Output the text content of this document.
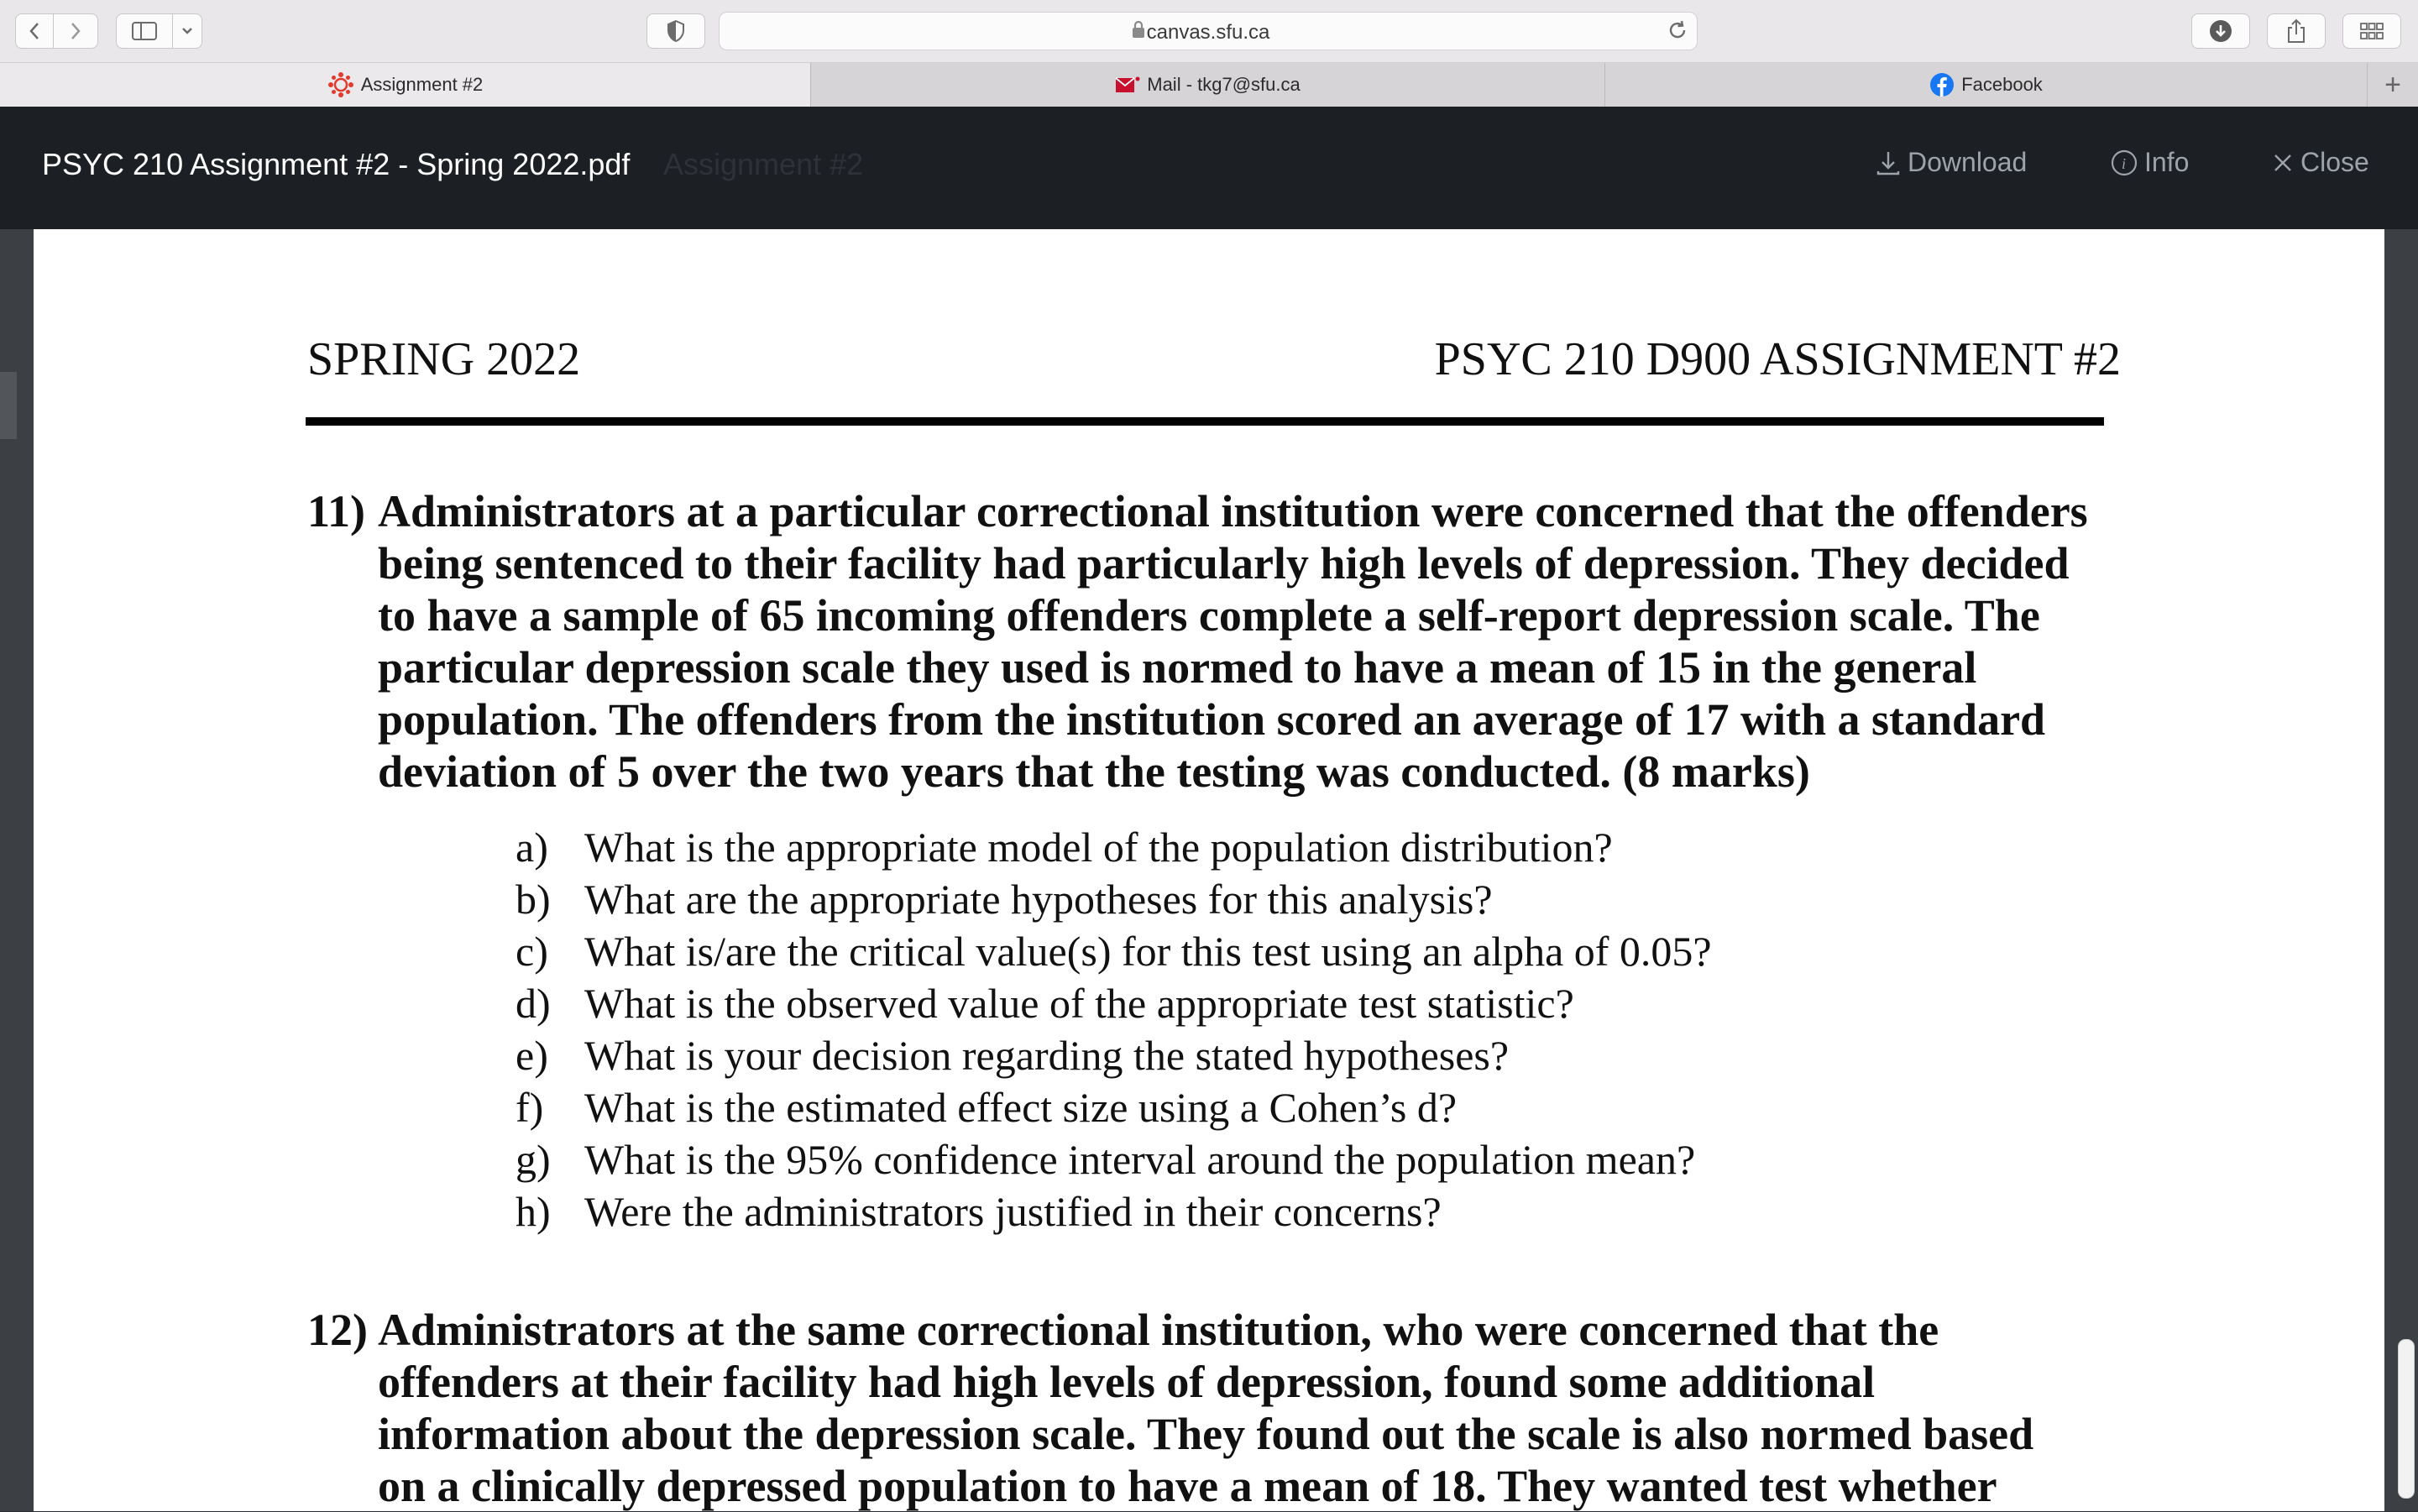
canvas.sfu.ca
Assignment #2	Mail - tkg7@sfu.ca	Facebook	+
PSYC 210 Assignment #2 - Spring 2022.pdf Assignment #2	Download	i Info	Close
SPRING 2022	PSYC 210 D900 ASSIGNMENT #2
11) Administrators at a particular correctional institution were concerned that the offenders
being sentenced to their facility had particularly high levels of depression. They decided
to have a sample of 65 incoming offenders complete a self-report depression scale. The
particular depression scale they used is normed to have a mean of 15 in the general
population. The offenders from the institution scored an average of 17 with a standard
deviation of 5 over the two years that the testing was conducted. (8 marks)
a) What is the appropriate model of the population distribution?
b) What are the appropriate hypotheses for this analysis?
c) What is/are the critical value(s) for this test using an alpha of 0.05?
d) What is the observed value of the appropriate test statistic?
e) What is your decision regarding the stated hypotheses?
f) What is the estimated effect size using a Cohen’s d?
g) What is the 95% confidence interval around the population mean?
h) Were the administrators justified in their concerns?
12) Administrators at the same correctional institution, who were concerned that the
offenders at their facility had high levels of depression, found some additional
information about the depression scale. They found out the scale is also normed based
on a clinically depressed population to have a mean of 18. They wanted test whether
